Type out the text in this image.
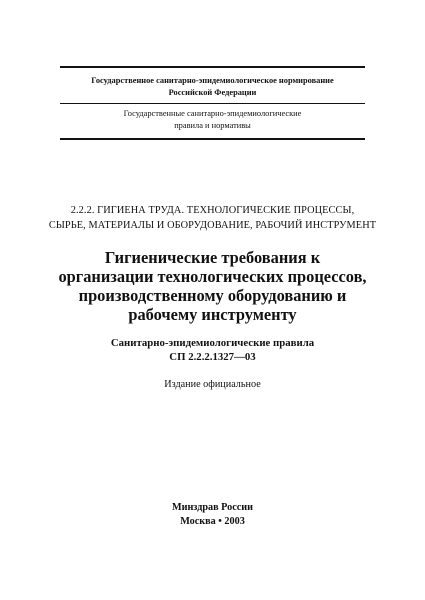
Государственное санитарно-эпидемиологическое нормирование
Российской Федерации
Государственные санитарно-эпидемиологические
правила и нормативы
2.2.2. ГИГИЕНА ТРУДА. ТЕХНОЛОГИЧЕСКИЕ ПРОЦЕССЫ,
СЫРЬЕ, МАТЕРИАЛЫ И ОБОРУДОВАНИЕ, РАБОЧИЙ ИНСТРУМЕНТ
Гигиенические требования к
организации технологических процессов,
производственному оборудованию и
рабочему инструменту
Санитарно-эпидемиологические правила
СП 2.2.2.1327—03
Издание официальное
Минздрав России
Москва • 2003
